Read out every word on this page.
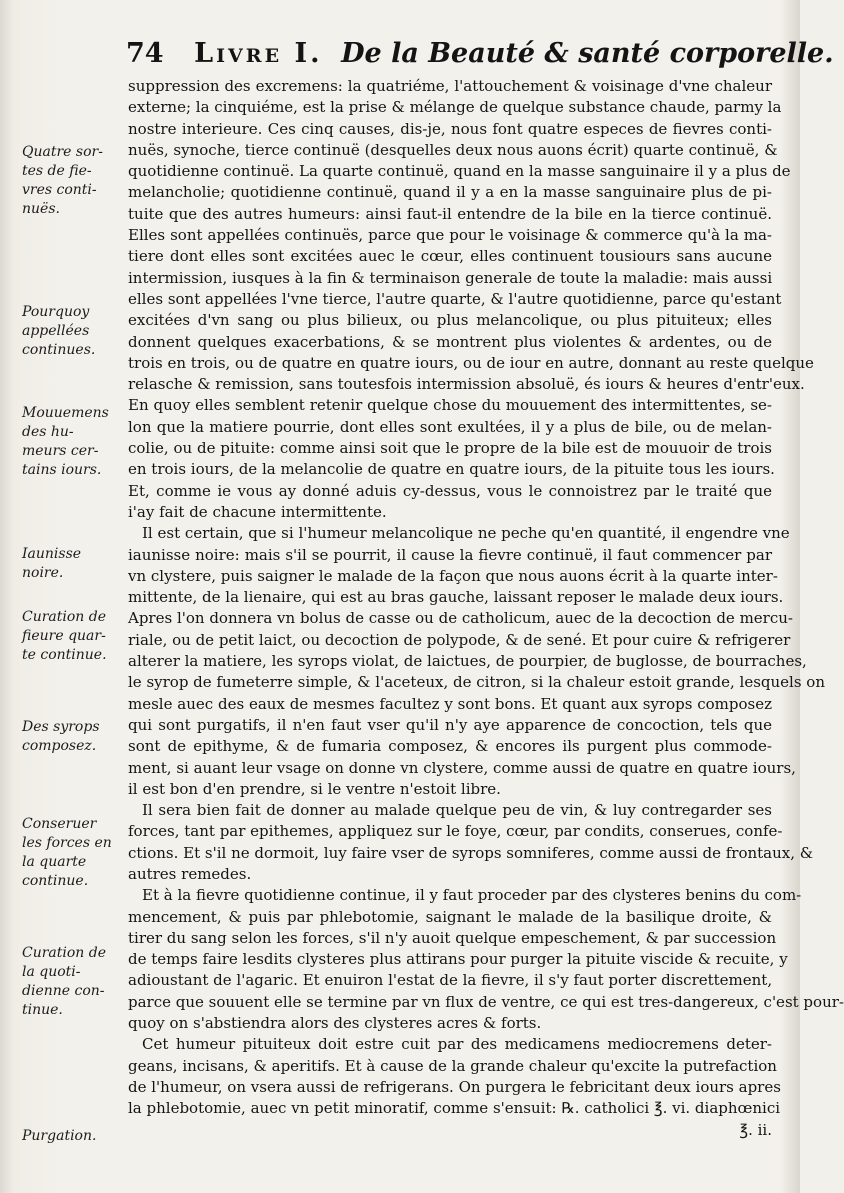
74 Livre I. De la Beauté & santé corporelle.
Quatre sor-
tes de fie-
vres conti-
nuës.
Pourquoy
appellées
continues.
Mouuemens
des hu-
meurs cer-
tains iours.
Iaunisse
noire.
Curation de
fieure quar-
te continue.
Des syrops
composez.
Conseruer
les forces en
la quarte
continue.
Curation de
la quoti-
dienne con-
tinue.
Purgation.
suppression des excremens: la quatriéme, l'attouchement & voisinage d'vne chaleur
externe; la cinquiéme, est la prise & mélange de quelque substance chaude, parmy la
nostre interieure. Ces cinq causes, dis-je, nous font quatre especes de fievres conti-
nuës, synoche, tierce continuë (desquelles deux nous auons écrit) quarte continuë, &
quotidienne continuë. La quarte continuë, quand en la masse sanguinaire il y a plus de
melancholie; quotidienne continuë, quand il y a en la masse sanguinaire plus de pi-
tuite que des autres humeurs: ainsi faut-il entendre de la bile en la tierce continuë.
Elles sont appellées continuës, parce que pour le voisinage & commerce qu'à la ma-
tiere dont elles sont excitées auec le cœur, elles continuent tousiours sans aucune
intermission, iusques à la fin & terminaison generale de toute la maladie: mais aussi
elles sont appellées l'vne tierce, l'autre quarte, & l'autre quotidienne, parce qu'estant
excitées d'vn sang ou plus bilieux, ou plus melancolique, ou plus pituiteux; elles
donnent quelques exacerbations, & se montrent plus violentes & ardentes, ou de
trois en trois, ou de quatre en quatre iours, ou de iour en autre, donnant au reste quelque
relasche & remission, sans toutesfois intermission absoluë, és iours & heures d'entr'eux.
En quoy elles semblent retenir quelque chose du mouuement des intermittentes, se-
lon que la matiere pourrie, dont elles sont exultées, il y a plus de bile, ou de melan-
colie, ou de pituite: comme ainsi soit que le propre de la bile est de mouuoir de trois
en trois iours, de la melancolie de quatre en quatre iours, de la pituite tous les iours.
Et, comme ie vous ay donné aduis cy-dessus, vous le connoistrez par le traité que
i'ay fait de chacune intermittente.
Il est certain, que si l'humeur melancolique ne peche qu'en quantité, il engendre vne
iaunisse noire: mais s'il se pourrit, il cause la fievre continuë, il faut commencer par
vn clystere, puis saigner le malade de la façon que nous auons écrit à la quarte inter-
mittente, de la lienaire, qui est au bras gauche, laissant reposer le malade deux iours.
Apres l'on donnera vn bolus de casse ou de catholicum, auec de la decoction de mercu-
riale, ou de petit laict, ou decoction de polypode, & de sené. Et pour cuire & refrigerer
alterer la matiere, les syrops violat, de laictues, de pourpier, de buglosse, de bourraches,
le syrop de fumeterre simple, & l'aceteux, de citron, si la chaleur estoit grande, lesquels on
mesle auec des eaux de mesmes facultez y sont bons. Et quant aux syrops composez
qui sont purgatifs, il n'en faut vser qu'il n'y aye apparence de concoction, tels que
sont de epithyme, & de fumaria composez, & encores ils purgent plus commode-
ment, si auant leur vsage on donne vn clystere, comme aussi de quatre en quatre iours,
il est bon d'en prendre, si le ventre n'estoit libre.
Il sera bien fait de donner au malade quelque peu de vin, & luy contregarder ses
forces, tant par epithemes, appliquez sur le foye, cœur, par condits, conserues, confe-
ctions. Et s'il ne dormoit, luy faire vser de syrops somniferes, comme aussi de frontaux, &
autres remedes.
Et à la fievre quotidienne continue, il y faut proceder par des clysteres benins du com-
mencement, & puis par phlebotomie, saignant le malade de la basilique droite, &
tirer du sang selon les forces, s'il n'y auoit quelque empeschement, & par succession
de temps faire lesdits clysteres plus attirans pour purger la pituite viscide & recuite, y
adioustant de l'agaric. Et enuiron l'estat de la fievre, il s'y faut porter discrettement,
parce que souuent elle se termine par vn flux de ventre, ce qui est tres-dangereux, c'est pour-
quoy on s'abstiendra alors des clysteres acres & forts.
Cet humeur pituiteux doit estre cuit par des medicamens mediocremens deter-
geans, incisans, & aperitifs. Et à cause de la grande chaleur qu'excite la putrefaction
de l'humeur, on vsera aussi de refrigerans. On purgera le febricitant deux iours apres
la phlebotomie, auec vn petit minoratif, comme s'ensuit: ℞. catholici ℥. vi. diaphœnici
℥. ii.
